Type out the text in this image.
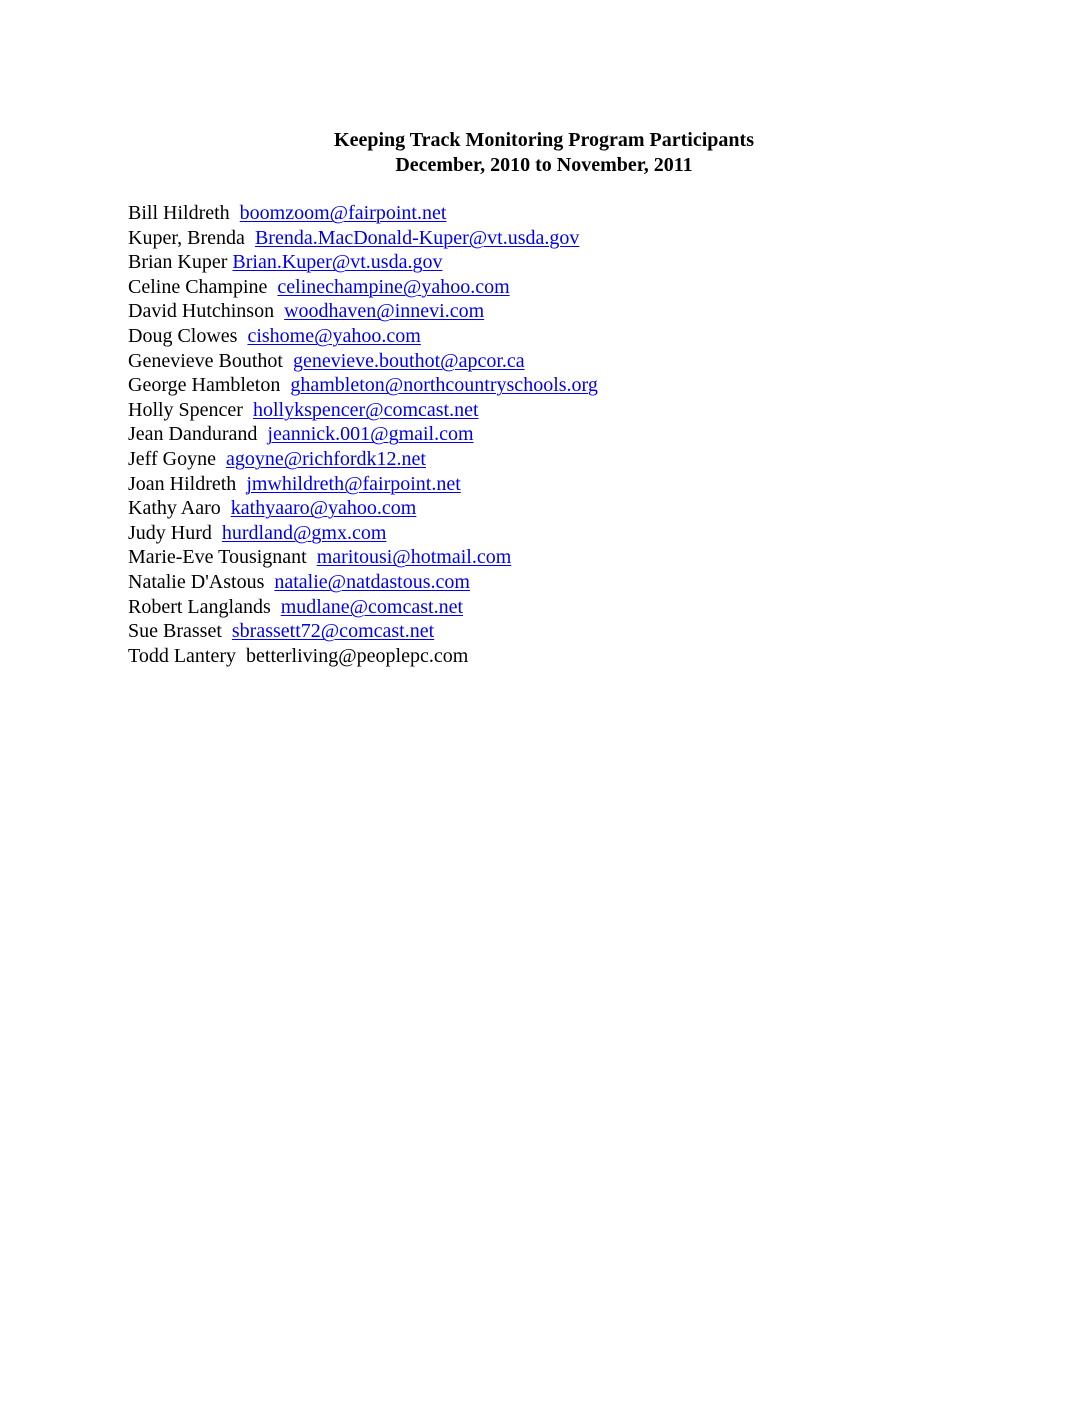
Keeping Track Monitoring Program Participants
December, 2010 to November, 2011
Bill Hildreth boomzoom@fairpoint.net
Kuper, Brenda Brenda.MacDonald-Kuper@vt.usda.gov
Brian Kuper Brian.Kuper@vt.usda.gov
Celine Champine celinechampine@yahoo.com
David Hutchinson woodhaven@innevi.com
Doug Clowes cishome@yahoo.com
Genevieve Bouthot genevieve.bouthot@apcor.ca
George Hambleton ghambleton@northcountryschools.org
Holly Spencer hollykspencer@comcast.net
Jean Dandurand jeannick.001@gmail.com
Jeff Goyne agoyne@richfordk12.net
Joan Hildreth jmwhildreth@fairpoint.net
Kathy Aaro kathyaaro@yahoo.com
Judy Hurd hurdland@gmx.com
Marie-Eve Tousignant maritousi@hotmail.com
Natalie D'Astous natalie@natdastous.com
Robert Langlands mudlane@comcast.net
Sue Brasset sbrassett72@comcast.net
Todd Lantery betterliving@peoplepc.com
